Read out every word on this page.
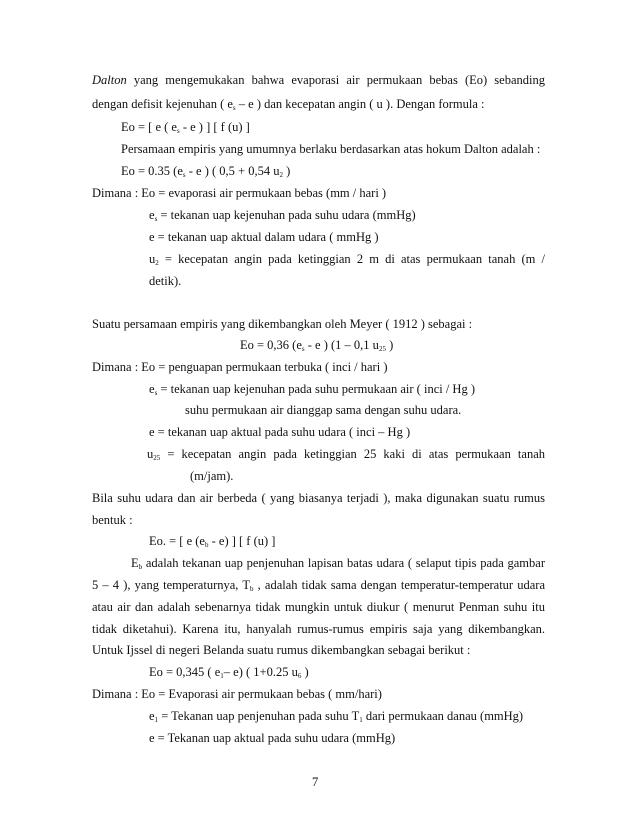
Dalton yang mengemukakan bahwa evaporasi air permukaan bebas (Eo) sebanding
dengan defisit kejenuhan ( $e_s$ – e ) dan kecepatan angin ( u ). Dengan formula :
Eo = [ e ( $e_s$ - e ) ] [ f (u) ]
Persamaan empiris yang umumnya berlaku berdasarkan atas hokum Dalton adalah :
Eo = 0.35 ($e_s$ - e ) ( 0,5 + 0,54 $u_2$ )
Dimana : Eo = evaporasi air permukaan bebas (mm / hari )
$e_s$ = tekanan uap kejenuhan pada suhu udara (mmHg)
e = tekanan uap aktual dalam udara ( mmHg )
$u_2$ = kecepatan angin pada ketinggian 2 m di atas permukaan tanah (m /
detik).
Suatu persamaan empiris yang dikembangkan oleh Meyer ( 1912 ) sebagai :
Eo = 0,36 ($e_s$ - e ) (1 – 0,1 $u_{25}$ )
Dimana : Eo = penguapan permukaan terbuka ( inci / hari )
$e_s$ = tekanan uap kejenuhan pada suhu permukaan air ( inci / Hg )
suhu permukaan air dianggap sama dengan suhu udara.
e = tekanan uap aktual pada suhu udara ( inci – Hg )
$u_{25}$ = kecepatan angin pada ketinggian 25 kaki di atas permukaan tanah
(m/jam).
Bila suhu udara dan air berbeda ( yang biasanya terjadi ), maka digunakan suatu rumus
bentuk :
Eo. = [ e $(e_b - e)$ ] [ f (u) ]
$E_b$ adalah tekanan uap penjenuhan lapisan batas udara ( selaput tipis pada gambar
5 – 4 ), yang temperaturnya, $T_b$ , adalah tidak sama dengan temperatur-temperatur udara
atau air dan adalah sebenarnya tidak mungkin untuk diukur ( menurut Penman suhu itu
tidak diketahui). Karena itu, hanyalah rumus-rumus empiris saja yang dikembangkan.
Untuk Ijssel di negeri Belanda suatu rumus dikembangkan sebagai berikut :
Eo = 0,345 ( $e_1-$ e) ( 1+0.25 $u_6$ )
Dimana : Eo = Evaporasi air permukaan bebas ( mm/hari)
$e_1$ = Tekanan uap penjenuhan pada suhu $T_1$ dari permukaan danau (mmHg)
e = Tekanan uap aktual pada suhu udara (mmHg)
7
